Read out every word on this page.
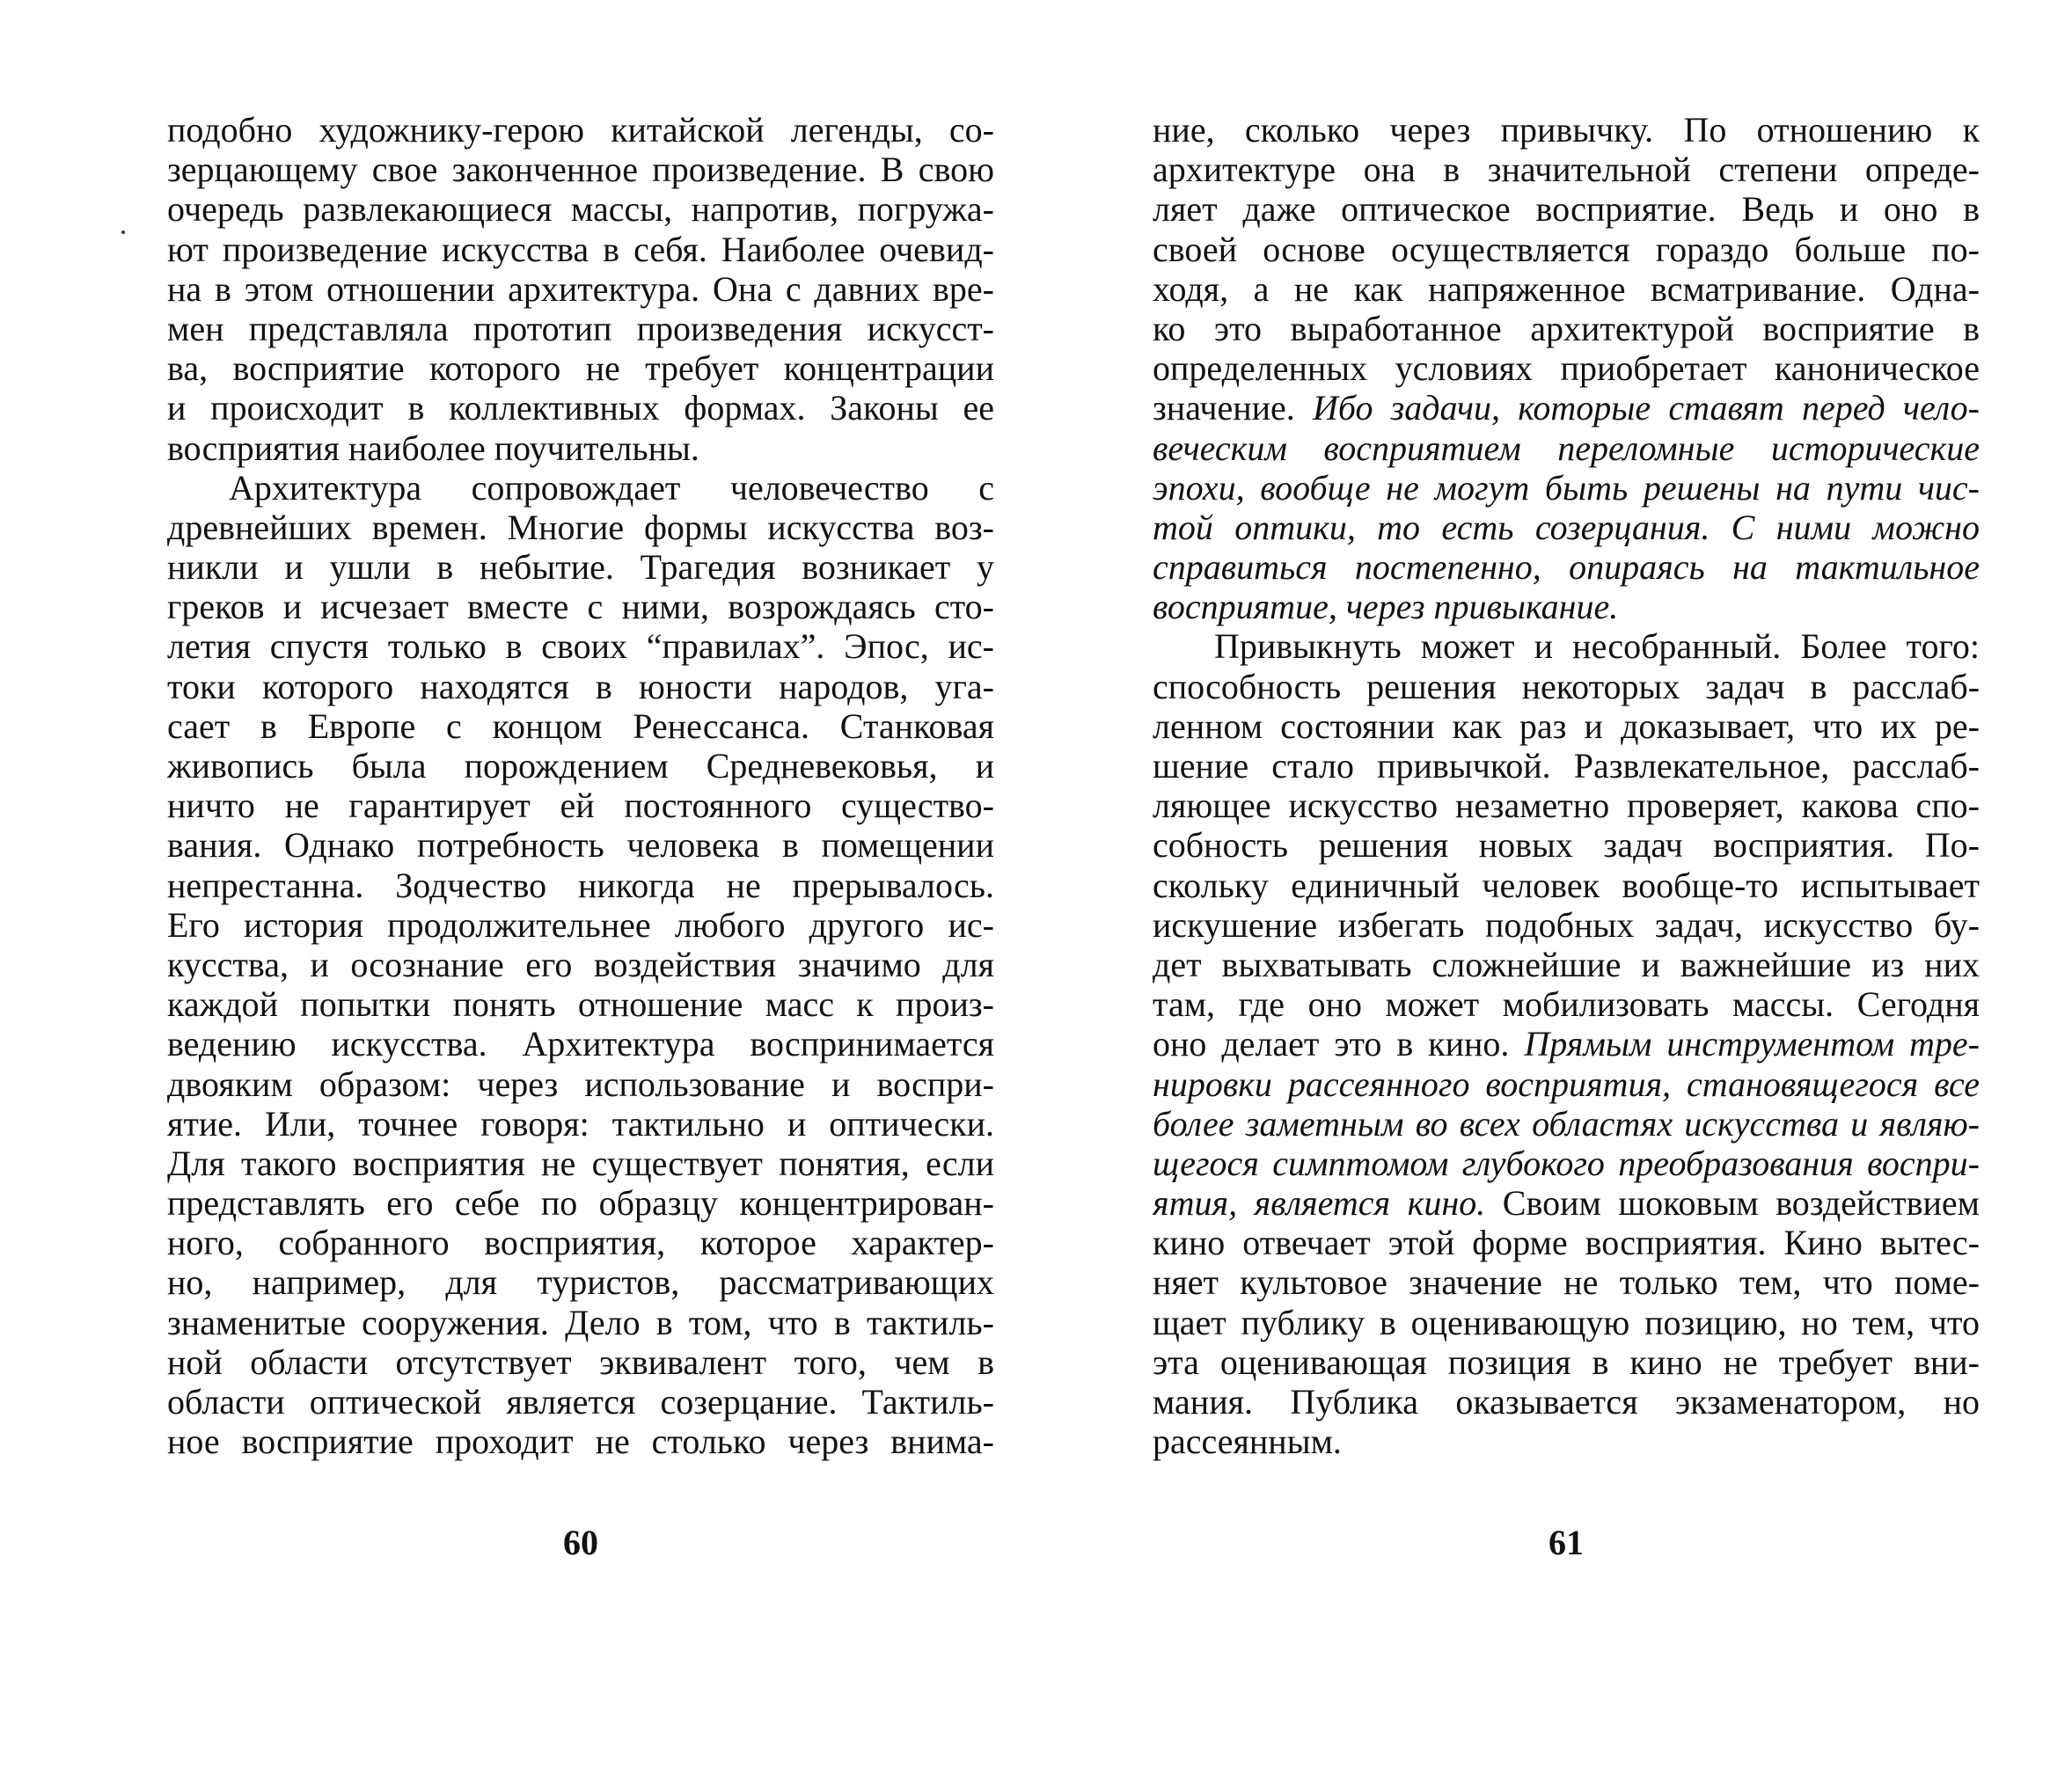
подобно художнику-герою китайской легенды, со-
зерцающему свое законченное произведение. В свою
очередь развлекающиеся массы, напротив, погружа-
ют произведение искусства в себя. Наиболее очевид-
на в этом отношении архитектура. Она с давних вре-
мен представляла прототип произведения искусст-
ва, восприятие которого не требует концентрации
и происходит в коллективных формах. Законы ее
восприятия наиболее поучительны.
Архитектура сопровождает человечество с
древнейших времен. Многие формы искусства воз-
никли и ушли в небытие. Трагедия возникает у
греков и исчезает вместе с ними, возрождаясь сто-
летия спустя только в своих “правилах”. Эпос, ис-
токи которого находятся в юности народов, уга-
сает в Европе с концом Ренессанса. Станковая
живопись была порождением Средневековья, и
ничто не гарантирует ей постоянного существо-
вания. Однако потребность человека в помещении
непрестанна. Зодчество никогда не прерывалось.
Его история продолжительнее любого другого ис-
кусства, и осознание его воздействия значимо для
каждой попытки понять отношение масс к произ-
ведению искусства. Архитектура воспринимается
двояким образом: через использование и воспри-
ятие. Или, точнее говоря: тактильно и оптически.
Для такого восприятия не существует понятия, если
представлять его себе по образцу концентрирован-
ного, собранного восприятия, которое характер-
но, например, для туристов, рассматривающих
знаменитые сооружения. Дело в том, что в тактиль-
ной области отсутствует эквивалент того, чем в
области оптической является созерцание. Тактиль-
ное восприятие проходит не столько через внима-
60
ние, сколько через привычку. По отношению к
архитектуре она в значительной степени опреде-
ляет даже оптическое восприятие. Ведь и оно в
своей основе осуществляется гораздо больше по-
ходя, а не как напряженное всматривание. Одна-
ко это выработанное архитектурой восприятие в
определенных условиях приобретает каноническое
значение. Ибо задачи, которые ставят перед чело-
веческим восприятием переломные исторические
эпохи, вообще не могут быть решены на пути чис-
той оптики, то есть созерцания. С ними можно
справиться постепенно, опираясь на тактильное
восприятие, через привыкание.
Привыкнуть может и несобранный. Более того:
способность решения некоторых задач в расслаб-
ленном состоянии как раз и доказывает, что их ре-
шение стало привычкой. Развлекательное, расслаб-
ляющее искусство незаметно проверяет, какова спо-
собность решения новых задач восприятия. По-
скольку единичный человек вообще-то испытывает
искушение избегать подобных задач, искусство бу-
дет выхватывать сложнейшие и важнейшие из них
там, где оно может мобилизовать массы. Сегодня
оно делает это в кино. Прямым инструментом тре-
нировки рассеянного восприятия, становящегося все
более заметным во всех областях искусства и являю-
щегося симптомом глубокого преобразования воспри-
ятия, является кино. Своим шоковым воздействием
кино отвечает этой форме восприятия. Кино вытес-
няет культовое значение не только тем, что поме-
щает публику в оценивающую позицию, но тем, что
эта оценивающая позиция в кино не требует вни-
мания. Публика оказывается экзаменатором, но
рассеянным.
61
